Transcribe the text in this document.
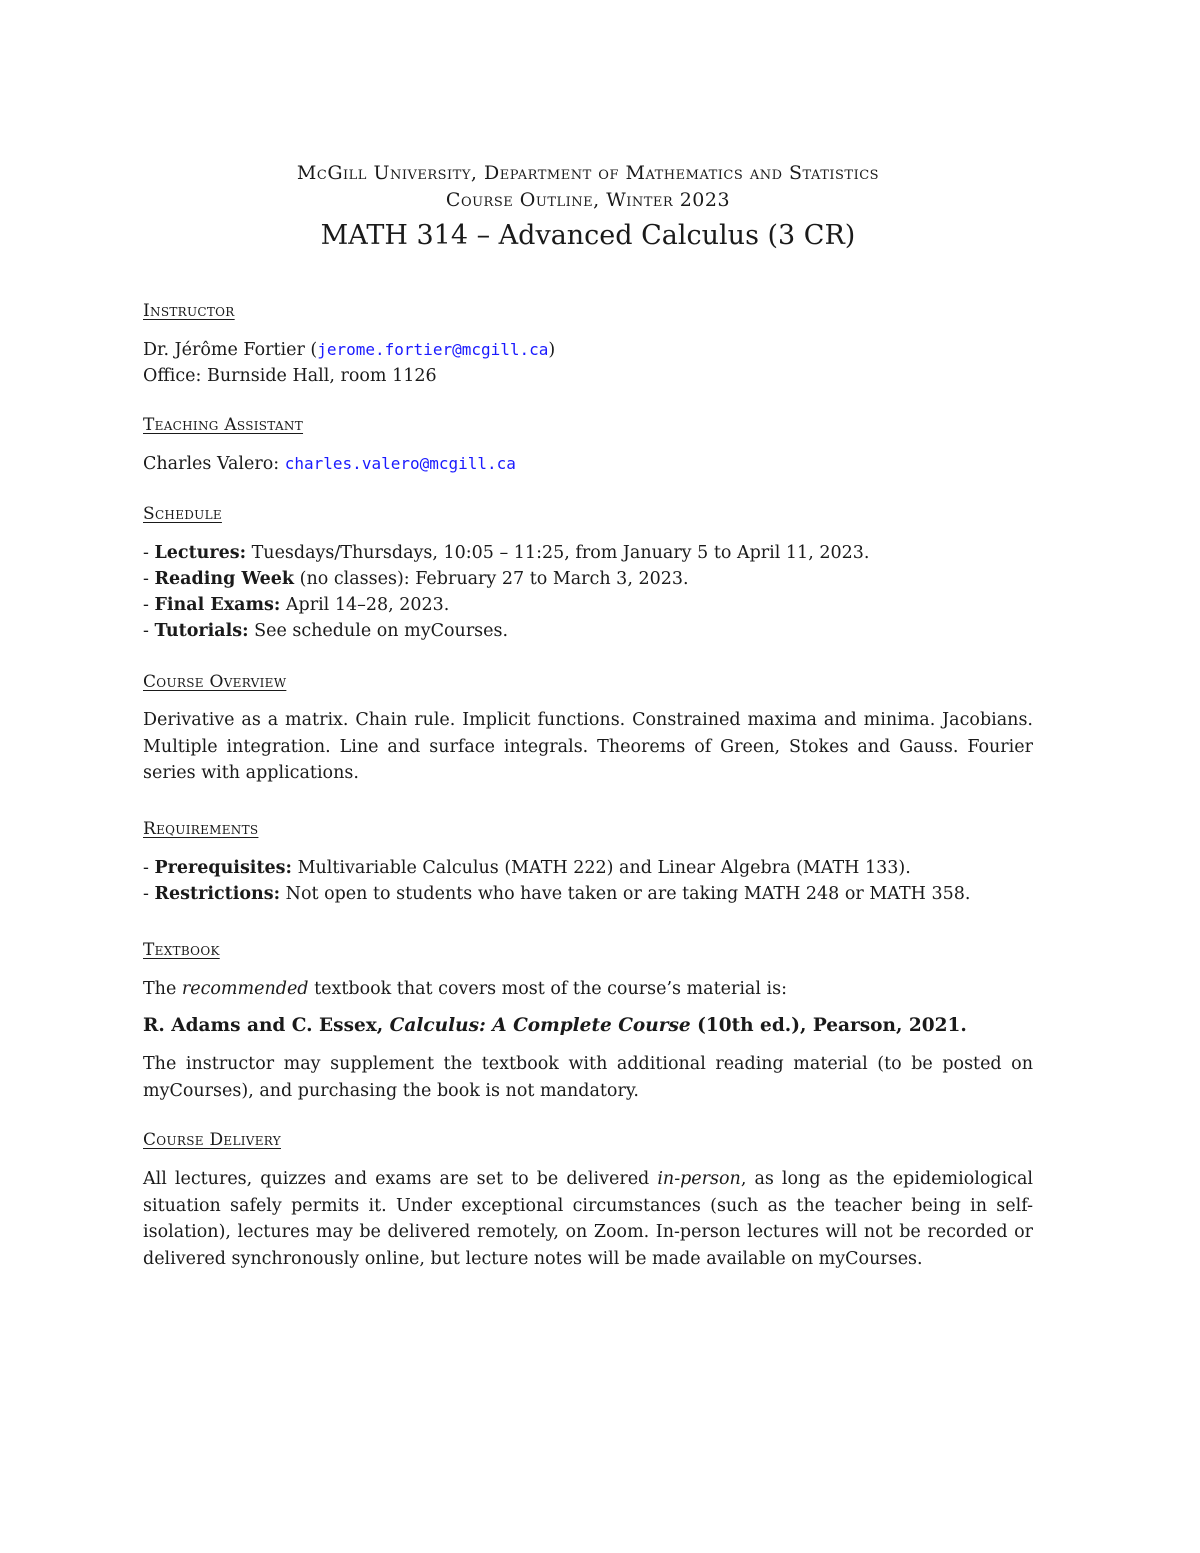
McGill University, Department of Mathematics and Statistics
Course Outline, Winter 2023
MATH 314 – Advanced Calculus (3 CR)
Instructor
Dr. Jérôme Fortier (jerome.fortier@mcgill.ca)
Office: Burnside Hall, room 1126
Teaching Assistant
Charles Valero: charles.valero@mcgill.ca
Schedule
- Lectures: Tuesdays/Thursdays, 10:05 – 11:25, from January 5 to April 11, 2023.
- Reading Week (no classes): February 27 to March 3, 2023.
- Final Exams: April 14–28, 2023.
- Tutorials: See schedule on myCourses.
Course Overview
Derivative as a matrix. Chain rule. Implicit functions. Constrained maxima and minima. Jacobians. Multiple integration. Line and surface integrals. Theorems of Green, Stokes and Gauss. Fourier series with applications.
Requirements
- Prerequisites: Multivariable Calculus (MATH 222) and Linear Algebra (MATH 133).
- Restrictions: Not open to students who have taken or are taking MATH 248 or MATH 358.
Textbook
The recommended textbook that covers most of the course’s material is:
R. Adams and C. Essex, Calculus: A Complete Course (10th ed.), Pearson, 2021.
The instructor may supplement the textbook with additional reading material (to be posted on myCourses), and purchasing the book is not mandatory.
Course Delivery
All lectures, quizzes and exams are set to be delivered in-person, as long as the epidemiological situation safely permits it. Under exceptional circumstances (such as the teacher being in self-isolation), lectures may be delivered remotely, on Zoom. In-person lectures will not be recorded or delivered synchronously online, but lecture notes will be made available on myCourses.
